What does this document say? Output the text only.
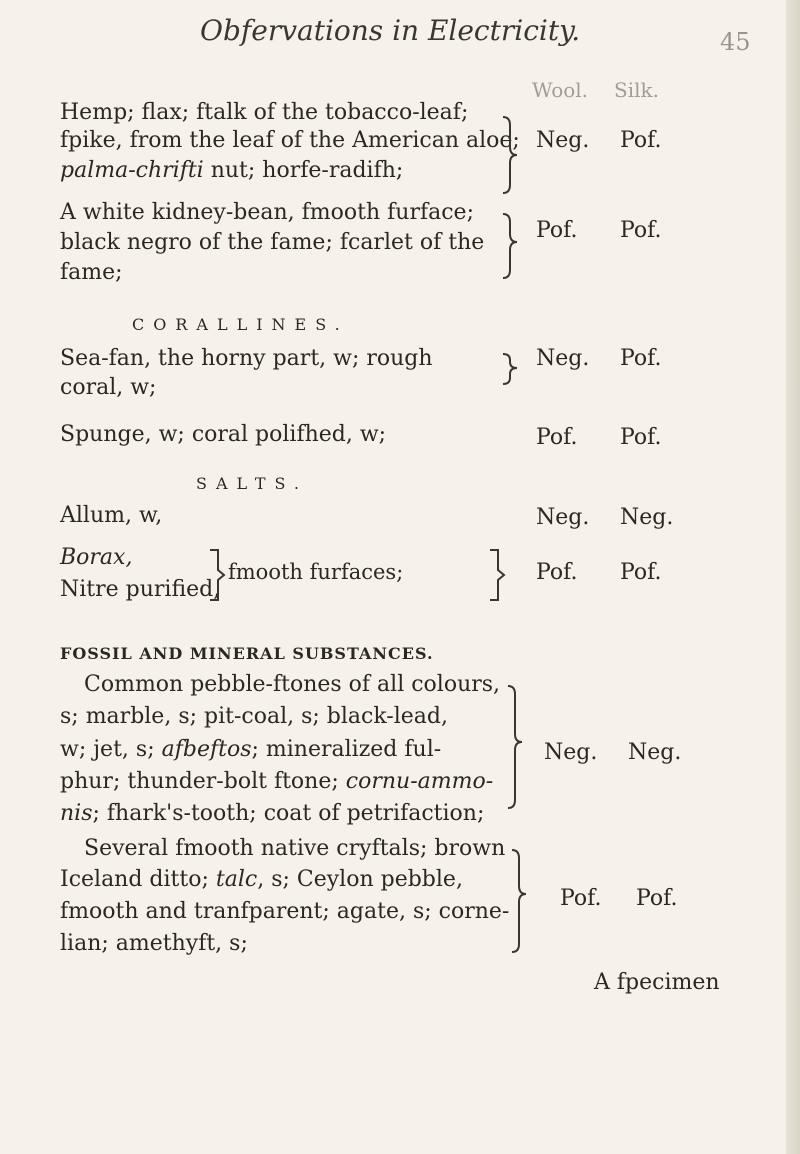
Obfervations in Electricity.	45
Wool. Silk.
Hemp; flax; ftalk of the tobacco-leaf;
fpike, from the leaf of the American aloe;
palma-chrifti nut; horfe-radifh;
Neg. Pof.
A white kidney-bean, fmooth furface;
black negro of the fame; fcarlet of the
fame;
Pof. Pof.
CORALLINES.
Sea-fan, the horny part, w; rough
coral, w;
Neg. Pof.
Spunge, w; coral polifhed, w;	Pof. Pof.
SALTS.
Allum, w,	Neg. Neg.
Borax,
Nitre purified,
fmooth furfaces;	Pof. Pof.
FOSSIL AND MINERAL SUBSTANCES.
Common pebble-ftones of all colours,
s; marble, s; pit-coal, s; black-lead,
w; jet, s; afbeftos; mineralized ful-
phur; thunder-bolt ftone; cornu-ammo-
nis; fhark's-tooth; coat of petrifaction;
Neg. Neg.
Several fmooth native cryftals; brown
Iceland ditto; talc, s; Ceylon pebble,
fmooth and tranfparent; agate, s; corne-
lian; amethyft, s;
Pof. Pof.
A fpecimen
